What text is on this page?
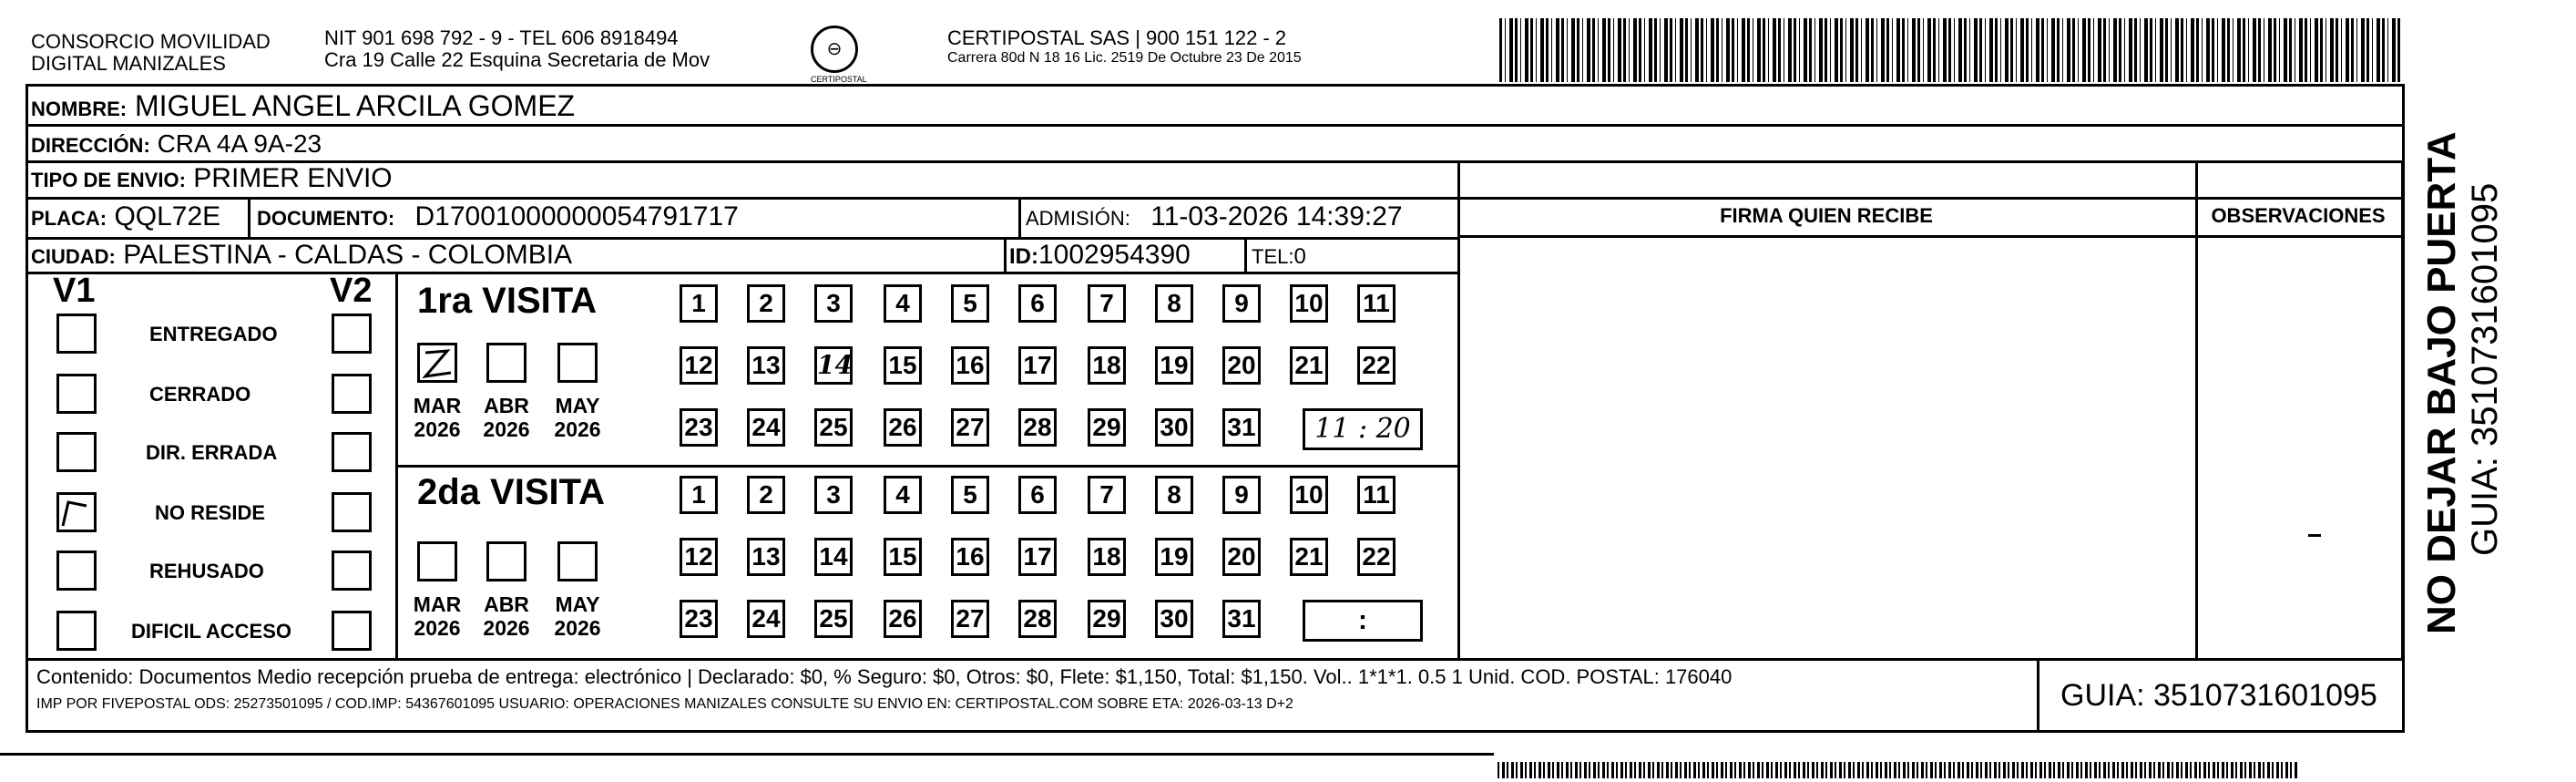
CONSORCIO MOVILIDAD
DIGITAL MANIZALES
NIT 901 698 792 - 9 - TEL 606 8918494
Cra 19 Calle 22 Esquina Secretaria de Mov	⊖
CERTIPOSTAL
CERTIPOSTAL SAS | 900 151 122 - 2
Carrera 80d N 18 16 Lic. 2519 De Octubre 23 De 2015
NOMBRE: MIGUEL ANGEL ARCILA GOMEZ
DIRECCIÓN: CRA 4A 9A-23
TIPO DE ENVIO: PRIMER ENVIO
PLACA: QQL72E DOCUMENTO: D17001000000054791717	ADMISIÓN: 11-03-2026 14:39:27
CIUDAD: PALESTINA - CALDAS - COLOMBIA	ID:1002954390	TEL:0
FIRMA QUIEN RECIBE	OBSERVACIONES
V1	V2
ENTREGADO
CERRADO
DIR. ERRADA
NO RESIDE
REHUSADO
DIFICIL ACCESO
1ra VISITA
2da VISITA
MAR
2026
ABR
2026
MAY
2026
MAR
2026
ABR
2026
MAY
2026
1	2	3	4	5	6	7	8	9	10 11
12 13 14 15 16 17 18 19 20 21 22
23 24 25 26 27 28 29 30 31
1	2	3	4	5	6	7	8	9	10 11
12 13 14 15 16 17 18 19 20 21 22
23 24 25 26 27 28 29 30 31
11 : 20
:
Contenido: Documentos Medio recepción prueba de entrega: electrónico | Declarado: $0, % Seguro: $0, Otros: $0, Flete: $1,150, Total: $1,150. Vol.. 1*1*1. 0.5 1 Unid. COD. POSTAL: 176040
IMP POR FIVEPOSTAL ODS: 25273501095 / COD.IMP: 54367601095 USUARIO: OPERACIONES MANIZALES CONSULTE SU ENVIO EN: CERTIPOSTAL.COM SOBRE ETA: 2026-03-13 D+2	GUIA: 3510731601095
NO DEJAR BAJO PUERTA GUIA: 3510731601095
